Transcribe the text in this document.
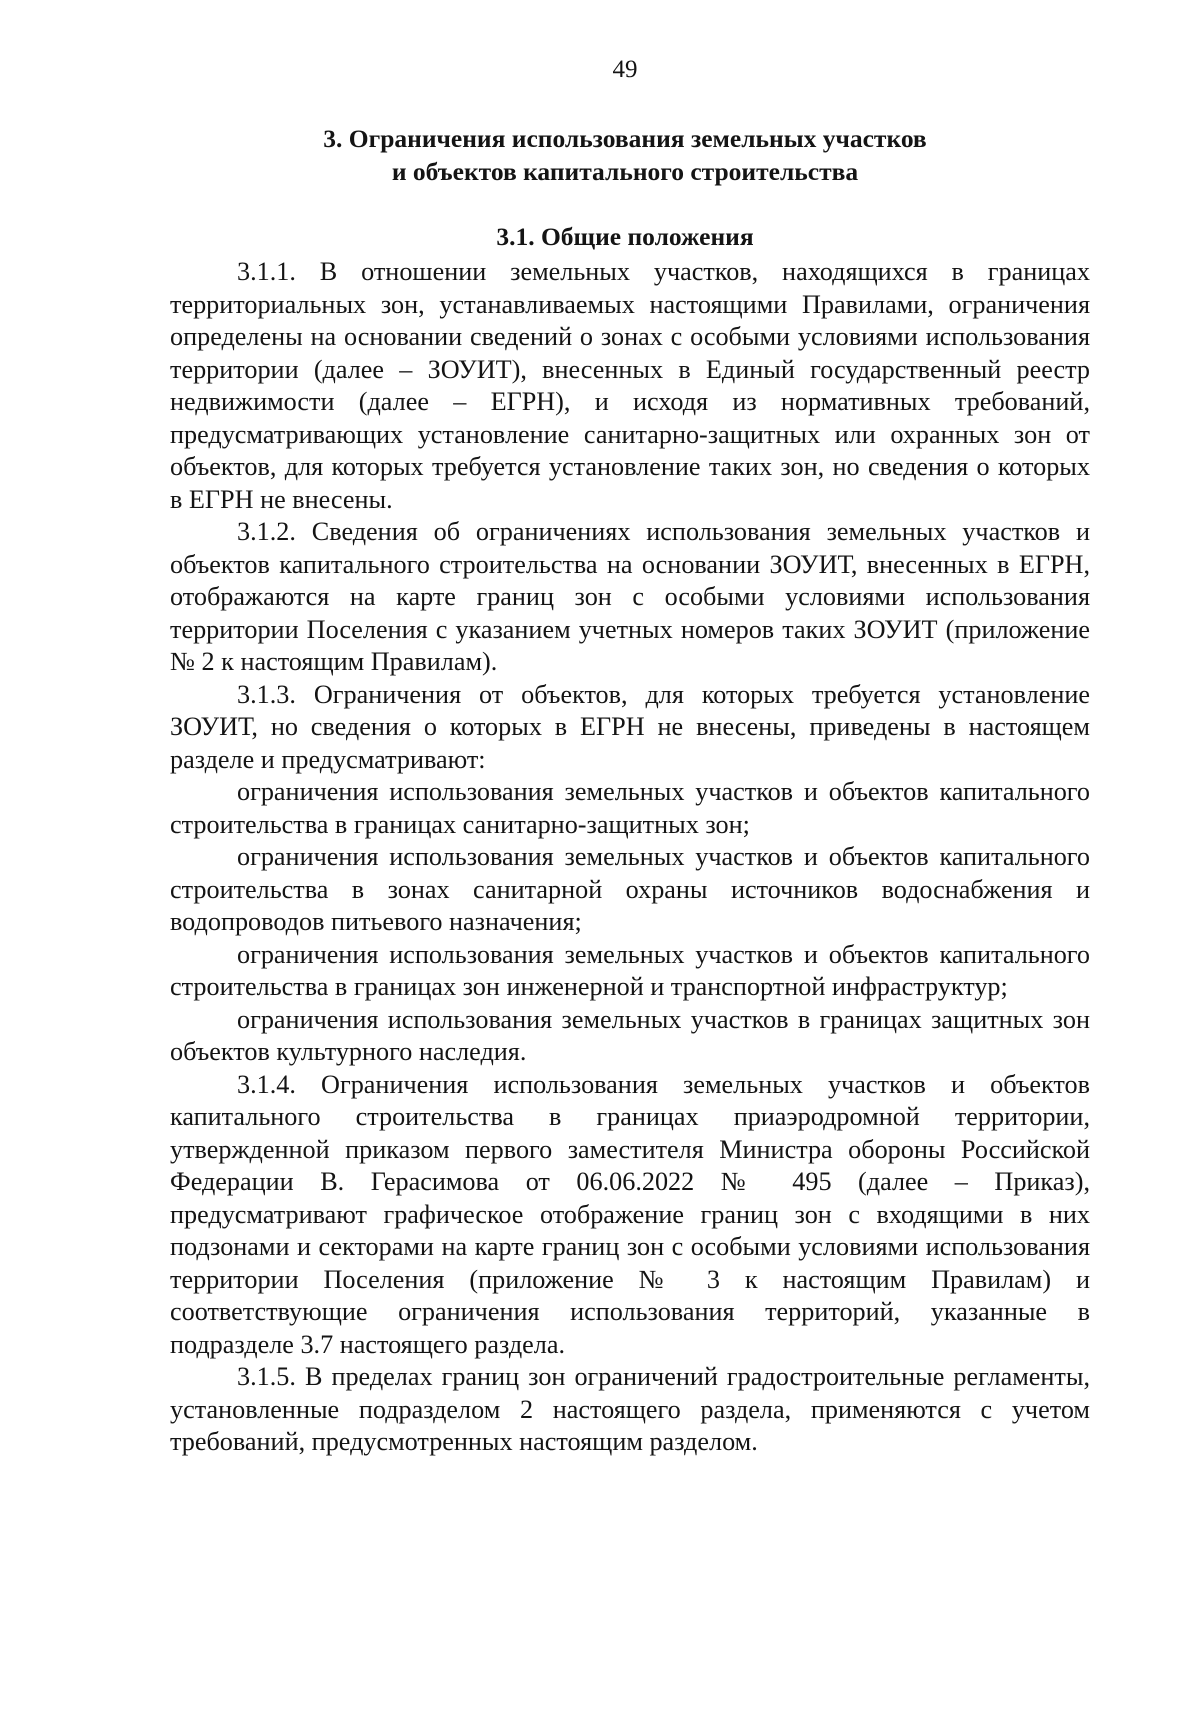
49
3. Ограничения использования земельных участков
и объектов капитального строительства
3.1. Общие положения

3.1.1. В отношении земельных участков, находящихся в границах территориальных зон, устанавливаемых настоящими Правилами, ограничения определены на основании сведений о зонах с особыми условиями использования территории (далее – ЗОУИТ), внесенных в Единый государственный реестр недвижимости (далее – ЕГРН), и исходя из нормативных требований, предусматривающих установление санитарно-защитных или охранных зон от объектов, для которых требуется установление таких зон, но сведения о которых в ЕГРН не внесены.

3.1.2. Сведения об ограничениях использования земельных участков и объектов капитального строительства на основании ЗОУИТ, внесенных в ЕГРН, отображаются на карте границ зон с особыми условиями использования территории Поселения с указанием учетных номеров таких ЗОУИТ (приложение № 2 к настоящим Правилам).

3.1.3. Ограничения от объектов, для которых требуется установление ЗОУИТ, но сведения о которых в ЕГРН не внесены, приведены в настоящем разделе и предусматривают:

ограничения использования земельных участков и объектов капитального строительства в границах санитарно-защитных зон;

ограничения использования земельных участков и объектов капитального строительства в зонах санитарной охраны источников водоснабжения и водопроводов питьевого назначения;

ограничения использования земельных участков и объектов капитального строительства в границах зон инженерной и транспортной инфраструктур;

ограничения использования земельных участков в границах защитных зон объектов культурного наследия.

3.1.4. Ограничения использования земельных участков и объектов капитального строительства в границах приаэродромной территории, утвержденной приказом первого заместителя Министра обороны Российской Федерации В. Герасимова от 06.06.2022 № 495 (далее – Приказ), предусматривают графическое отображение границ зон с входящими в них подзонами и секторами на карте границ зон с особыми условиями использования территории Поселения (приложение № 3 к настоящим Правилам) и соответствующие ограничения использования территорий, указанные в подразделе 3.7 настоящего раздела.

3.1.5. В пределах границ зон ограничений градостроительные регламенты, установленные подразделом 2 настоящего раздела, применяются с учетом требований, предусмотренных настоящим разделом.
